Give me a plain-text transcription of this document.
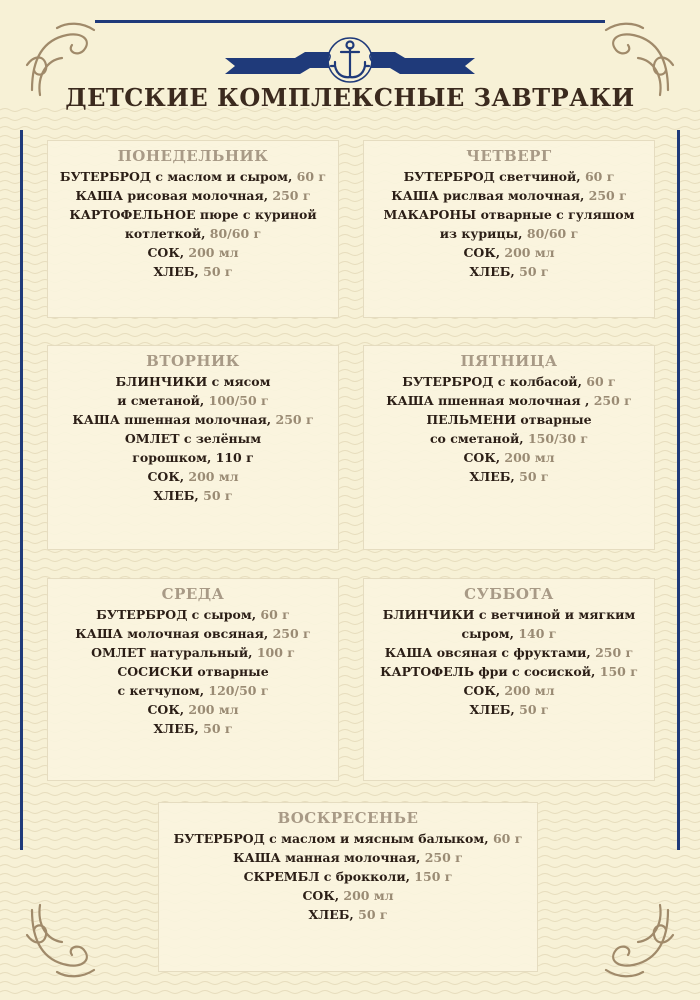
ДЕТСКИЕ КОМПЛЕКСНЫЕ ЗАВТРАКИ
ПОНЕДЕЛЬНИК
БУТЕРБРОД с маслом и сыром, 60 г
КАША рисовая молочная, 250 г
КАРТОФЕЛЬНОЕ пюре с куриной
котлеткой, 80/60 г
СОК, 200 мл
ХЛЕБ, 50 г
ЧЕТВЕРГ
БУТЕРБРОД светчиной, 60 г
КАША рислвая молочная, 250 г
МАКАРОНЫ отварные с гуляшом
из курицы, 80/60 г
СОК, 200 мл
ХЛЕБ, 50 г
ВТОРНИК
БЛИНЧИКИ с мясом
и сметаной, 100/50 г
КАША пшенная молочная, 250 г
ОМЛЕТ с зелёным
горошком, 110 г
СОК, 200 мл
ХЛЕБ, 50 г
ПЯТНИЦА
БУТЕРБРОД с колбасой, 60 г
КАША пшенная молочная , 250 г
ПЕЛЬМЕНИ отварные
со сметаной, 150/30 г
СОК, 200 мл
ХЛЕБ, 50 г
СРЕДА
БУТЕРБРОД с сыром, 60 г
КАША молочная овсяная, 250 г
ОМЛЕТ натуральный, 100 г
СОСИСКИ отварные
с кетчупом, 120/50 г
СОК, 200 мл
ХЛЕБ, 50 г
СУББОТА
БЛИНЧИКИ с ветчиной и мягким
сыром, 140 г
КАША овсяная с фруктами, 250 г
КАРТОФЕЛЬ фри с сосиской, 150 г
СОК, 200 мл
ХЛЕБ, 50 г
ВОСКРЕСЕНЬЕ
БУТЕРБРОД с маслом и мясным балыком, 60 г
КАША манная молочная, 250 г
СКРЕМБЛ с брокколи, 150 г
СОК, 200 мл
ХЛЕБ, 50 г
